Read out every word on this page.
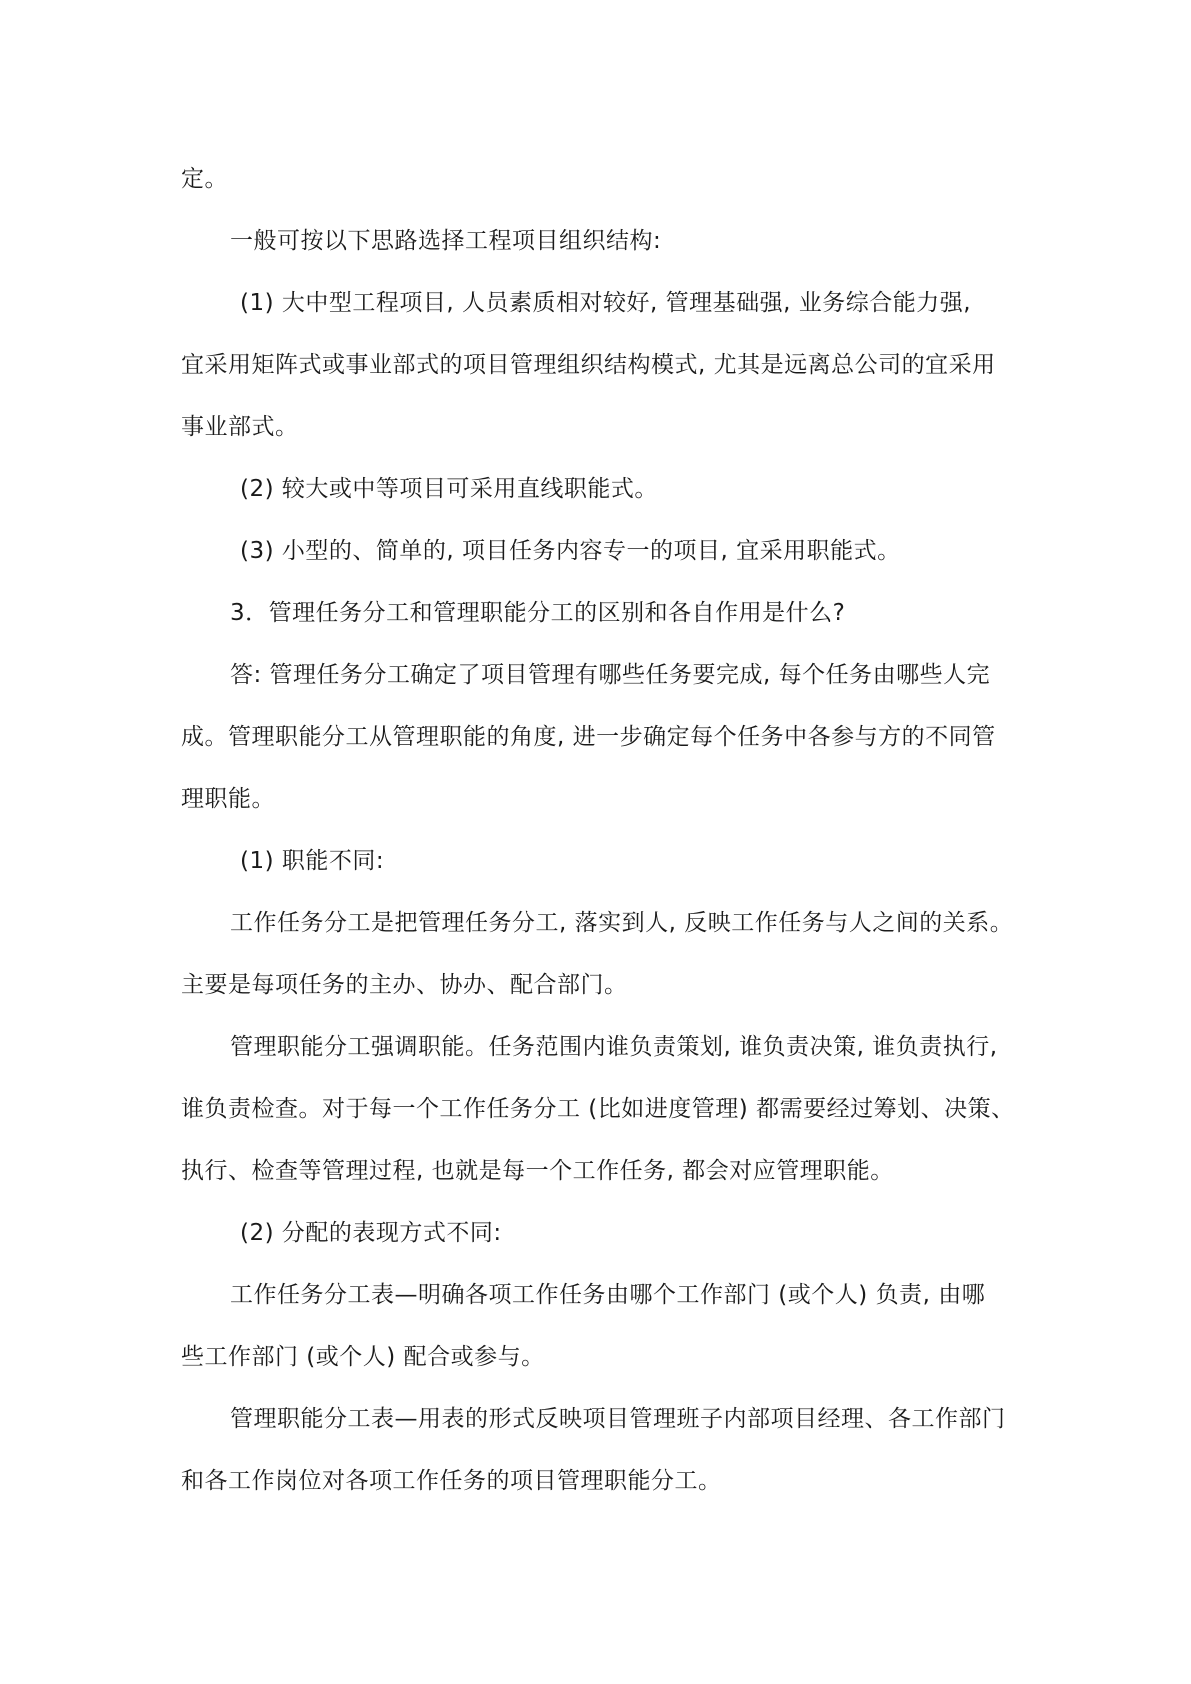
定。

一般可按以下思路选择工程项目组织结构:

(1) 大中型工程项目, 人员素质相对较好, 管理基础强, 业务综合能力强,

宜采用矩阵式或事业部式的项目管理组织结构模式, 尤其是远离总公司的宜采用

事业部式。

(2) 较大或中等项目可采用直线职能式。

(3) 小型的、简单的, 项目任务内容专一的项目, 宜采用职能式。

3．管理任务分工和管理职能分工的区别和各自作用是什么?

答: 管理任务分工确定了项目管理有哪些任务要完成, 每个任务由哪些人完

成。管理职能分工从管理职能的角度, 进一步确定每个任务中各参与方的不同管

理职能。

(1) 职能不同:

工作任务分工是把管理任务分工, 落实到人, 反映工作任务与人之间的关系。

主要是每项任务的主办、协办、配合部门。

管理职能分工强调职能。任务范围内谁负责策划, 谁负责决策, 谁负责执行,

谁负责检查。对于每一个工作任务分工 (比如进度管理) 都需要经过筹划、决策、

执行、检查等管理过程, 也就是每一个工作任务, 都会对应管理职能。

(2) 分配的表现方式不同:

工作任务分工表—明确各项工作任务由哪个工作部门 (或个人) 负责, 由哪

些工作部门 (或个人) 配合或参与。

管理职能分工表—用表的形式反映项目管理班子内部项目经理、各工作部门

和各工作岗位对各项工作任务的项目管理职能分工。
